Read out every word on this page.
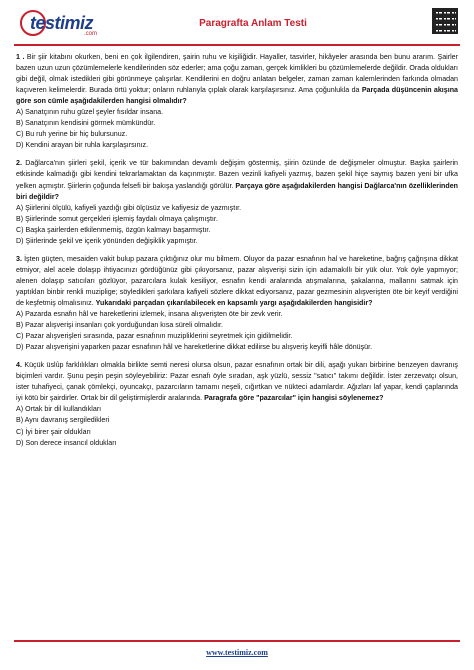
testimiz
.com
Paragrafta Anlam Testi
1 . Bir şiir kitabını okurken, beni en çok ilgilendiren, şairin ruhu ve kişiliğidir. Hayaller, tasvirler, hikâyeler arasında ben bunu ararım. Şairler bazen uzun uzun çözümlemelerle kendilerinden söz ederler; ama çoğu zaman, gerçek kimlikleri bu çözümlemelerde değildir. Orada oldukları gibi değil, olmak istedikleri gibi görünmeye çalışırlar. Kendilerini en doğru anlatan belgeler, zaman zaman kalemlerinden farkında olmadan kaçıveren kelimelerdir. Burada örtü yoktur; onların ruhlarıyla çıplak olarak karşılaşırsınız. Ama çoğunlukla da Parçada düşüncenin akışına göre son cümle aşağıdakilerden hangisi olmalıdır?
A) Sanatçının ruhu güzel şeyler fısıldar insana.
B) Sanatçının kendisini görmek mümkündür.
C) Bu ruh yerine bir hiç bulursunuz.
D) Kendini arayan bir ruhla karşılaşırsınız.
2. Dağlarca'nın şiirleri şekil, içerik ve tür bakımından devamlı değişim göstermiş, şiirin özünde de değişmeler olmuştur. Başka şairlerin etkisinde kalmadığı gibi kendini tekrarlamaktan da kaçınmıştır. Bazen vezinli kafiyeli yazmış, bazen şekil hiçe saymış bazen yeni bir ufka yelken açmıştır. Şiirlerin çoğunda felsefi bir bakışa yaslandığı görülür. Parçaya göre aşağıdakilerden hangisi Dağlarca'nın özelliklerinden biri değildir?
A) Şiirlerini ölçülü, kafiyeli yazdığı gibi ölçüsüz ve kafiyesiz de yazmıştır.
B) Şiirlerinde somut gerçekleri işlemiş faydalı olmaya çalışmıştır.
C) Başka şairlerden etkilenmemiş, özgün kalmayı başarmıştır.
D) Şiirlerinde şekil ve içerik yönünden değişiklik yapmıştır.
3. İşten güçten, mesaiden vakit bulup pazara çıktığınız olur mu bilmem. Oluyor da pazar esnafının hal ve hareketine, bağrış çağrışına dikkat etmiyor, alel acele dolaşıp ihtiyacınızı gördüğünüz gibi çıkıyorsanız, pazar alışverişi sizin için adamakıllı bir yük olur. Yok öyle yapmıyor; alenen dolaşıp satıcıları gözlüyor, pazarcılara kulak kesiliyor, esnafın kendi aralarında atışmalarına, şakalarına, mallarını satmak için yaptıkları binbir renkli muziplige; söyledikleri şarkılara kafiyeli sözlere dikkat ediyorsanız, pazar gezmesinin alışverişten öte bir keyif verdiğini de keşfetmiş olmalısınız. Yukarıdaki parçadan çıkarılabilecek en kapsamlı yargı aşağıdakilerden hangisidir?
A) Pazarda esnafın hâl ve hareketlerini izlemek, insana alışverişten öte bir zevk verir.
B) Pazar alışverişi insanları çok yorduğundan kısa süreli olmalıdır.
C) Pazar alışverişleri sırasında, pazar esnafının muzipliklerini seyretmek için gidilmelidir.
D) Pazar alışverişini yaparken pazar esnafının hâl ve hareketlerine dikkat edilirse bu alışveriş keyifli hâle dönüşür.
4. Küçük üslûp farklılıkları olmakla birlikte semti neresi olursa olsun, pazar esnafının ortak bir dili, aşağı yukarı birbirine benzeyen davranış biçimleri vardır. Şunu peşin peşin söyleyebiliriz: Pazar esnafı öyle sıradan, aşk yüzlü, sessiz "satıcı" takımı değildir. İster zerzevatçı olsun, ister tuhafiyeci, çanak çömlekçi, oyuncakçı, pazarcıların tamamı neşeli, cığırtkan ve nükteci adamlardır. Ağızları laf yapar, kendi çaplarında iyi kötü bir şairdirler. Ortak bir dil geliştirmişlerdir aralarında. Paragrafa göre "pazarcılar" için hangisi söylenemez?
A) Ortak bir dil kullandıkları
B) Aynı davranış sergiledikleri
C) İyi birer şair oldukları
D) Son derece insancıl oldukları
www.testimiz.com
